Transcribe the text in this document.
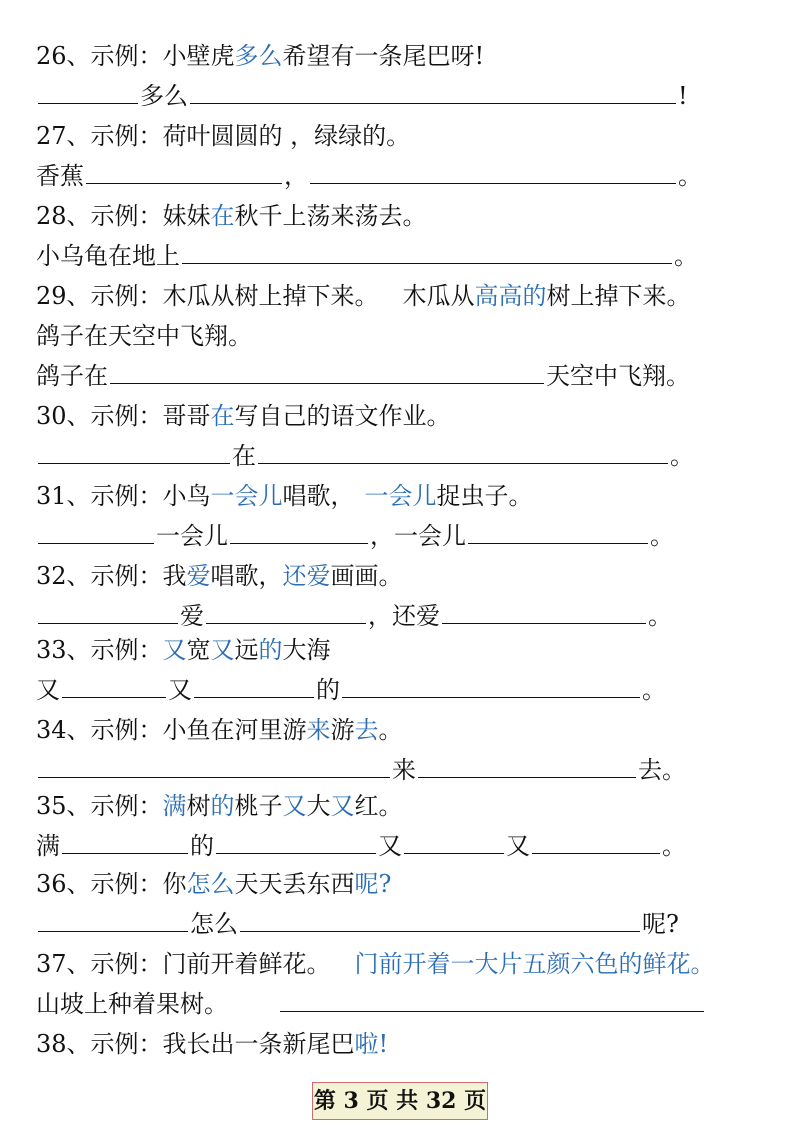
26、示例：小壁虎多么希望有一条尾巴呀!
多么	!
27、示例：荷叶圆圆的 ，绿绿的。
香蕉	，	。
28、示例：妹妹在秋千上荡来荡去。
小乌龟在地上	。
29、示例：木瓜从树上掉下来。 木瓜从高高的树上掉下来。
鸽子在天空中飞翔。
鸽子在	天空中飞翔。
30、示例：哥哥在写自己的语文作业。
在	。
31、示例：小鸟一会儿唱歌， 一会儿捉虫子。
一会儿	，一会儿	。
32、示例：我爱唱歌，还爱画画。
爱	，还爱	。
33、示例：又宽又远的大海
又	又	的	。
34、示例：小鱼在河里游来游去。
来	去。
35、示例：满树的桃子又大又红。
满	的	又	又	。
36、示例：你怎么天天丢东西呢?
怎么	呢?
37、示例：门前开着鲜花。 门前开着一大片五颜六色的鲜花。
山坡上种着果树。
38、示例：我长出一条新尾巴啦!
第 3 页 共 32 页
